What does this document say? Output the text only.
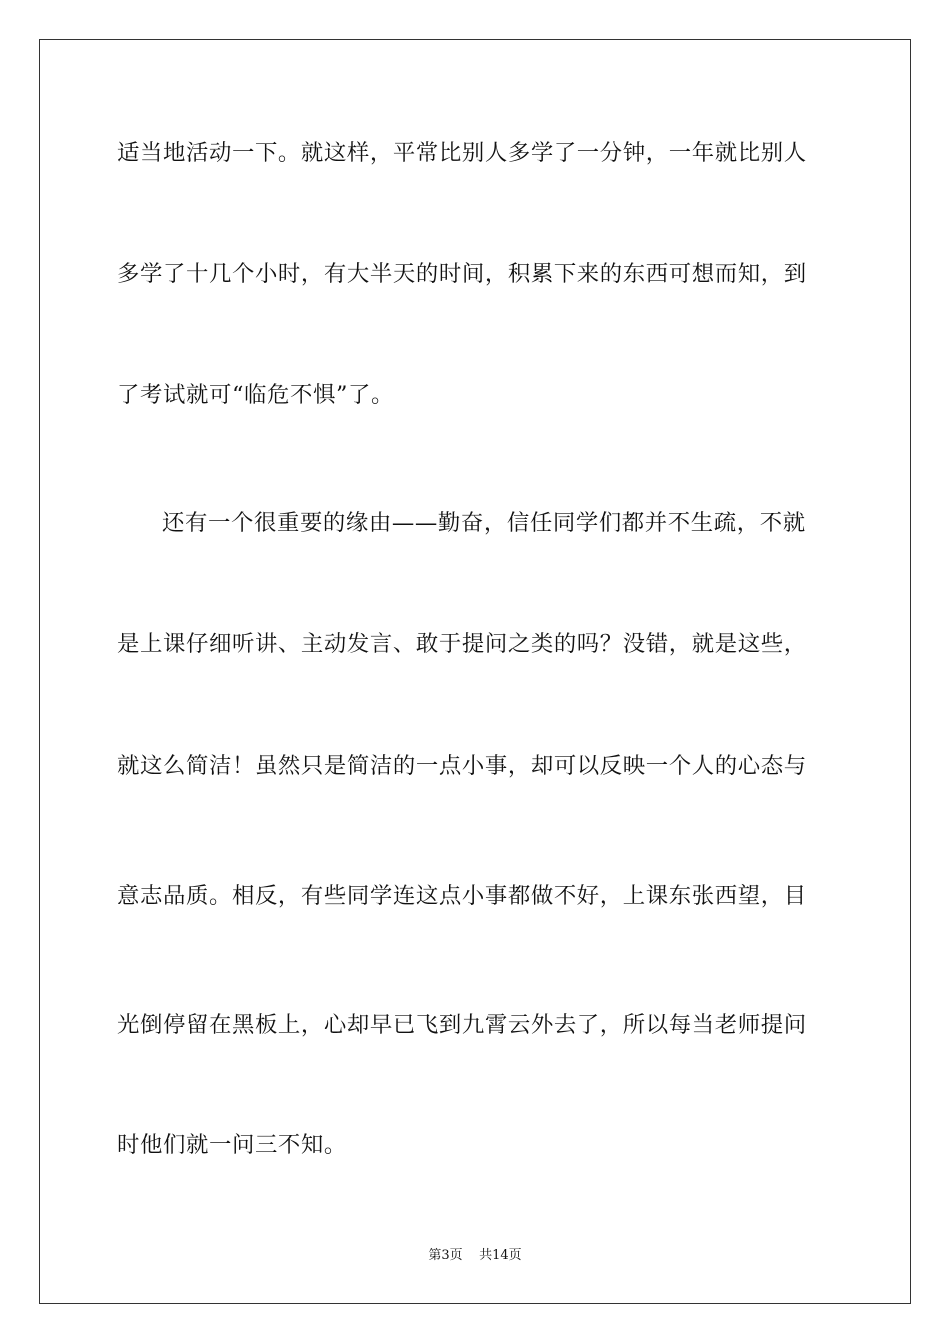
适当地活动一下。就这样，平常比别人多学了一分钟，一年就比别人
多学了十几个小时，有大半天的时间，积累下来的东西可想而知，到
了考试就可“临危不惧”了。
还有一个很重要的缘由——勤奋，信任同学们都并不生疏，不就
是上课仔细听讲、主动发言、敢于提问之类的吗？没错，就是这些，
就这么简洁！虽然只是简洁的一点小事，却可以反映一个人的心态与
意志品质。相反，有些同学连这点小事都做不好，上课东张西望，目
光倒停留在黑板上，心却早已飞到九霄云外去了，所以每当老师提问
时他们就一问三不知。
第3页 共14页
